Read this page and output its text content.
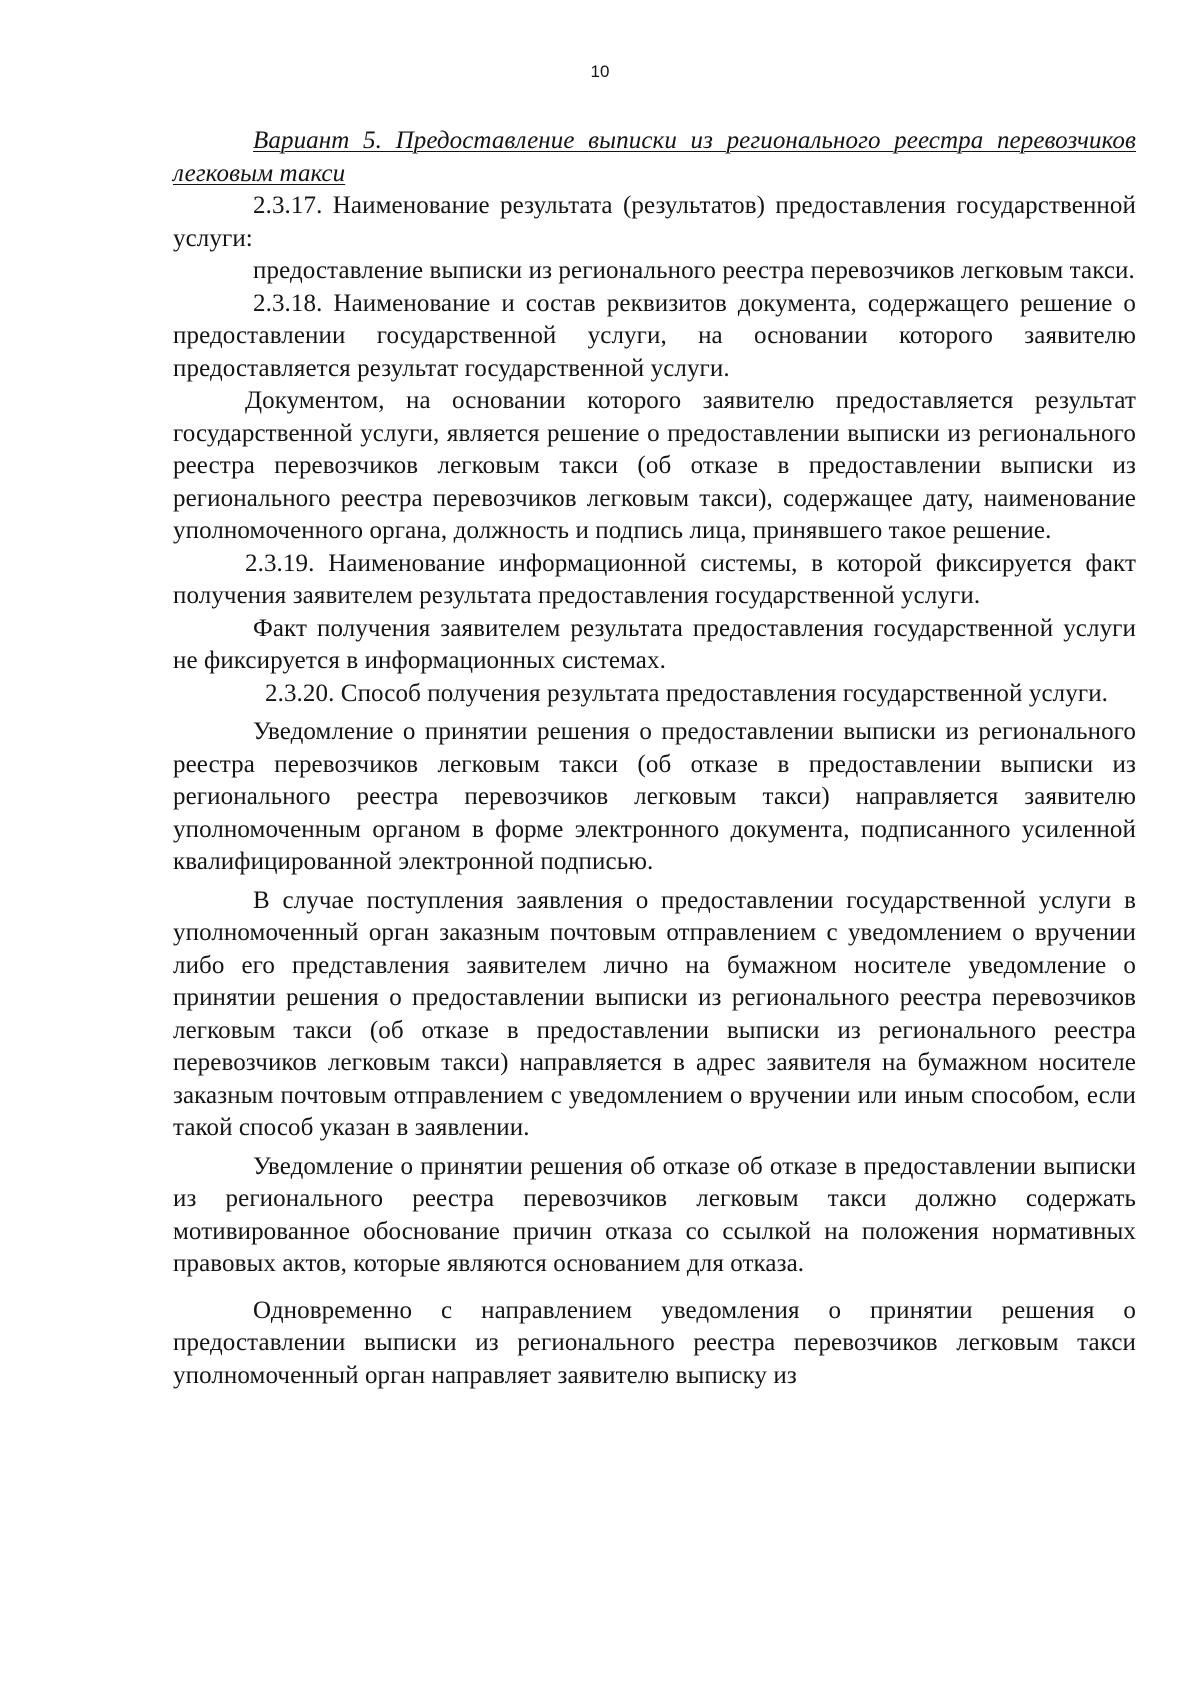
10

Вариант 5. Предоставление выписки из регионального реестра перевозчиков легковым такси

2.3.17. Наименование результата (результатов) предоставления государственной услуги:

предоставление выписки из регионального реестра перевозчиков легковым такси.

2.3.18. Наименование и состав реквизитов документа, содержащего решение о предоставлении государственной услуги, на основании которого заявителю предоставляется результат государственной услуги.

Документом, на основании которого заявителю предоставляется результат государственной услуги, является решение о предоставлении выписки из регионального реестра перевозчиков легковым такси (об отказе в предоставлении выписки из регионального реестра перевозчиков легковым такси), содержащее дату, наименование уполномоченного органа, должность и подпись лица, принявшего такое решение.

2.3.19. Наименование информационной системы, в которой фиксируется факт получения заявителем результата предоставления государственной услуги.

Факт получения заявителем результата предоставления государственной услуги не фиксируется в информационных системах.

2.3.20. Способ получения результата предоставления государственной услуги.

Уведомление о принятии решения о предоставлении выписки из регионального реестра перевозчиков легковым такси (об отказе в предоставлении выписки из регионального реестра перевозчиков легковым такси) направляется заявителю уполномоченным органом в форме электронного документа, подписанного усиленной квалифицированной электронной подписью.

В случае поступления заявления о предоставлении государственной услуги в уполномоченный орган заказным почтовым отправлением с уведомлением о вручении либо его представления заявителем лично на бумажном носителе уведомление о принятии решения о предоставлении выписки из регионального реестра перевозчиков легковым такси (об отказе в предоставлении выписки из регионального реестра перевозчиков легковым такси) направляется в адрес заявителя на бумажном носителе заказным почтовым отправлением с уведомлением о вручении или иным способом, если такой способ указан в заявлении.

Уведомление о принятии решения об отказе об отказе в предоставлении выписки из регионального реестра перевозчиков легковым такси должно содержать мотивированное обоснование причин отказа со ссылкой на положения нормативных правовых актов, которые являются основанием для отказа.

Одновременно с направлением уведомления о принятии решения о предоставлении выписки из регионального реестра перевозчиков легковым такси уполномоченный орган направляет заявителю выписку из
